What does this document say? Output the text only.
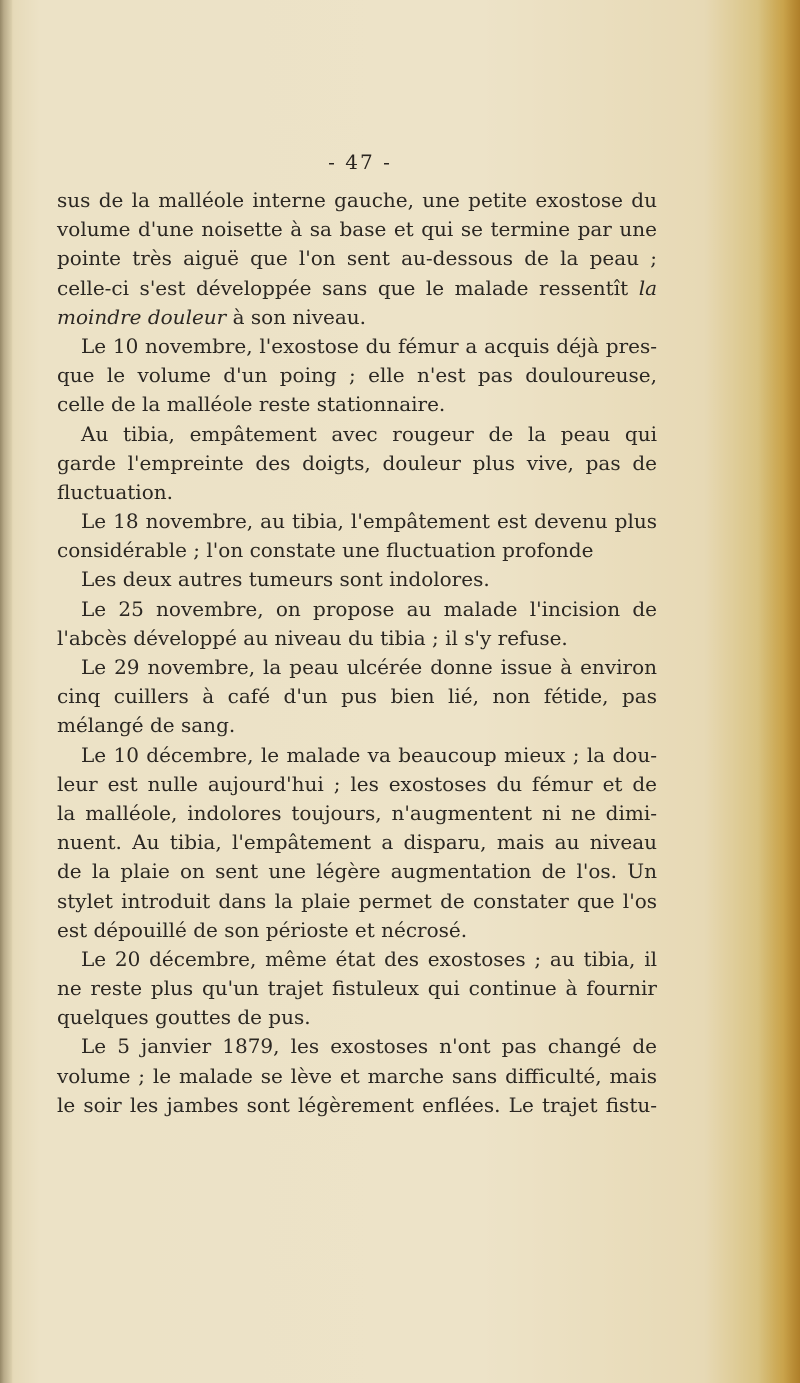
- 47 -
sus de la malléole interne gauche, une petite exostose du
volume d'une noisette à sa base et qui se termine par une
pointe très aiguë que l'on sent au-dessous de la peau ;
celle-ci s'est développée sans que le malade ressentît la
moindre douleur à son niveau.
Le 10 novembre, l'exostose du fémur a acquis déjà pres-
que le volume d'un poing ; elle n'est pas douloureuse,
celle de la malléole reste stationnaire.
Au tibia, empâtement avec rougeur de la peau qui
garde l'empreinte des doigts, douleur plus vive, pas de
fluctuation.
Le 18 novembre, au tibia, l'empâtement est devenu plus
considérable ; l'on constate une fluctuation profonde
Les deux autres tumeurs sont indolores.
Le 25 novembre, on propose au malade l'incision de
l'abcès développé au niveau du tibia ; il s'y refuse.
Le 29 novembre, la peau ulcérée donne issue à environ
cinq cuillers à café d'un pus bien lié, non fétide, pas
mélangé de sang.
Le 10 décembre, le malade va beaucoup mieux ; la dou-
leur est nulle aujourd'hui ; les exostoses du fémur et de
la malléole, indolores toujours, n'augmentent ni ne dimi-
nuent. Au tibia, l'empâtement a disparu, mais au niveau
de la plaie on sent une légère augmentation de l'os. Un
stylet introduit dans la plaie permet de constater que l'os
est dépouillé de son périoste et nécrosé.
Le 20 décembre, même état des exostoses ; au tibia, il
ne reste plus qu'un trajet fistuleux qui continue à fournir
quelques gouttes de pus.
Le 5 janvier 1879, les exostoses n'ont pas changé de
volume ; le malade se lève et marche sans difficulté, mais
le soir les jambes sont légèrement enflées. Le trajet fistu-
